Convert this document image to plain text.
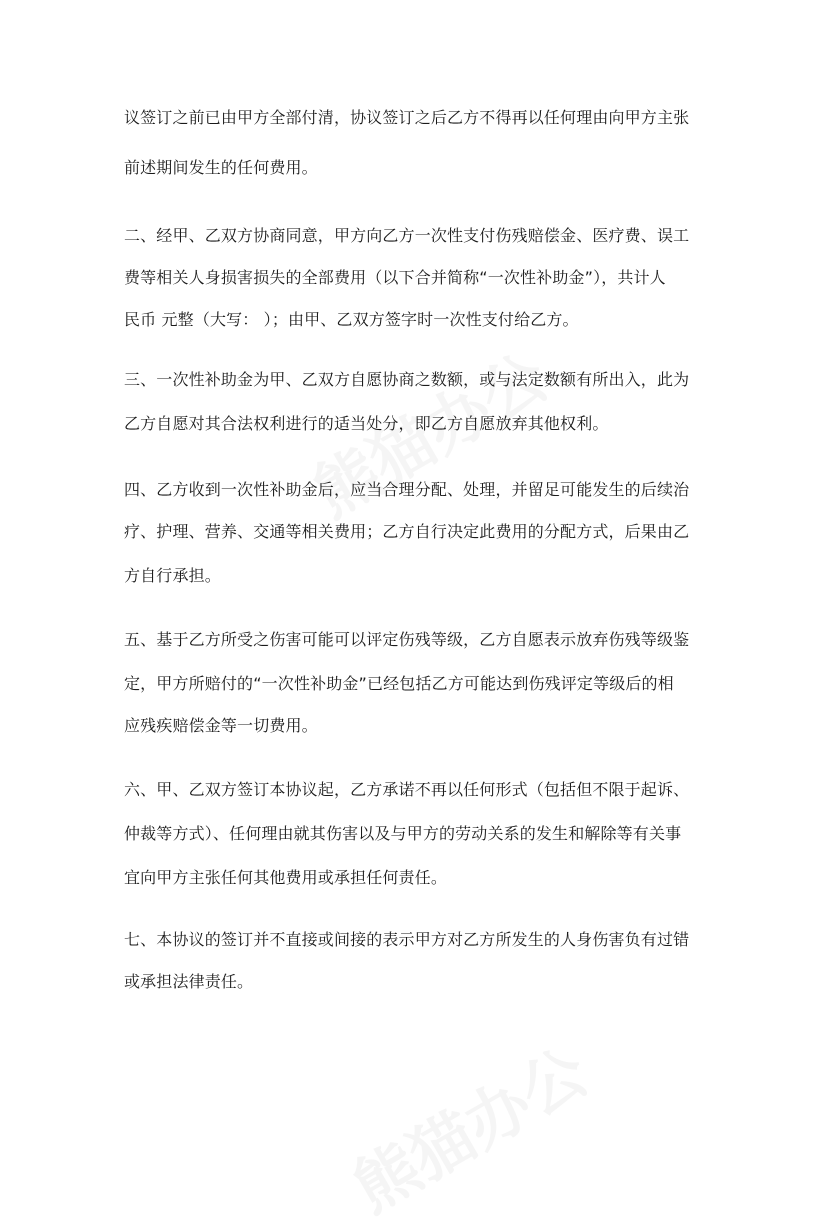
议签订之前已由甲方全部付清，协议签订之后乙方不得再以任何理由向甲方主张
前述期间发生的任何费用。
二、经甲、乙双方协商同意，甲方向乙方一次性支付伤残赔偿金、医疗费、误工
费等相关人身损害损失的全部费用（以下合并简称“一次性补助金”），共计人
民币 元整（大写： ）；由甲、乙双方签字时一次性支付给乙方。
三、一次性补助金为甲、乙双方自愿协商之数额，或与法定数额有所出入，此为
乙方自愿对其合法权利进行的适当处分，即乙方自愿放弃其他权利。
四、乙方收到一次性补助金后，应当合理分配、处理，并留足可能发生的后续治
疗、护理、营养、交通等相关费用；乙方自行决定此费用的分配方式，后果由乙
方自行承担。
五、基于乙方所受之伤害可能可以评定伤残等级，乙方自愿表示放弃伤残等级鉴
定，甲方所赔付的“一次性补助金”已经包括乙方可能达到伤残评定等级后的相
应残疾赔偿金等一切费用。
六、甲、乙双方签订本协议起，乙方承诺不再以任何形式（包括但不限于起诉、
仲裁等方式）、任何理由就其伤害以及与甲方的劳动关系的发生和解除等有关事
宜向甲方主张任何其他费用或承担任何责任。
七、本协议的签订并不直接或间接的表示甲方对乙方所发生的人身伤害负有过错
或承担法律责任。
